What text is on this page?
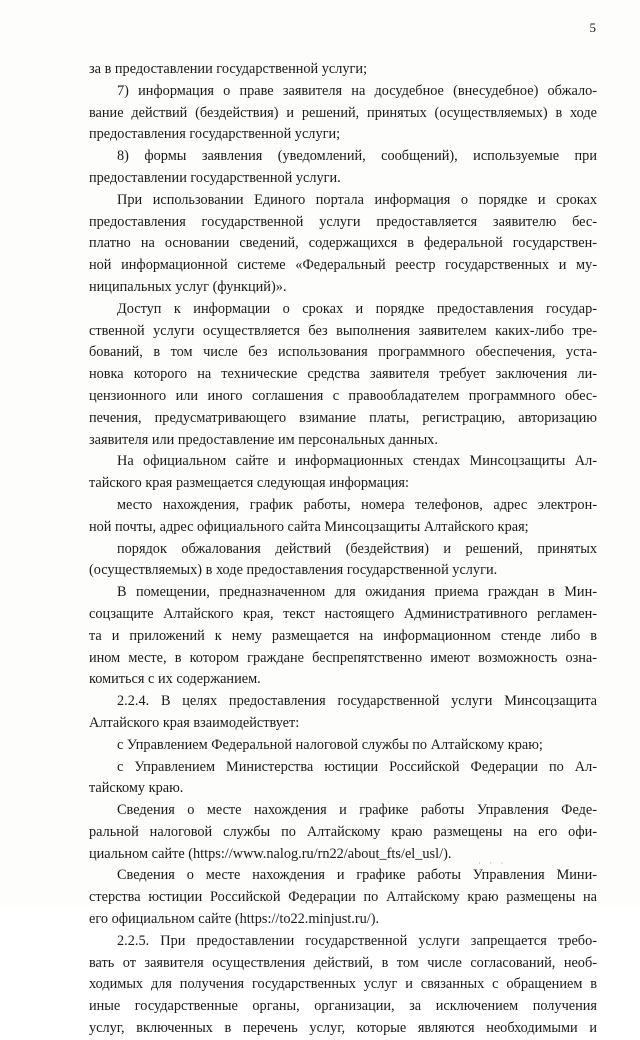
5
за в предоставлении государственной услуги;
7) информация о праве заявителя на досудебное (внесудебное) обжало-
вание действий (бездействия) и решений, принятых (осуществляемых) в ходе
предоставления государственной услуги;
8) формы заявления (уведомлений, сообщений), используемые при
предоставлении государственной услуги.
При использовании Единого портала информация о порядке и сроках
предоставления государственной услуги предоставляется заявителю бес-
платно на основании сведений, содержащихся в федеральной государствен-
ной информационной системе «Федеральный реестр государственных и му-
ниципальных услуг (функций)».
Доступ к информации о сроках и порядке предоставления государ-
ственной услуги осуществляется без выполнения заявителем каких-либо тре-
бований, в том числе без использования программного обеспечения, уста-
новка которого на технические средства заявителя требует заключения ли-
цензионного или иного соглашения с правообладателем программного обес-
печения, предусматривающего взимание платы, регистрацию, авторизацию
заявителя или предоставление им персональных данных.
На официальном сайте и информационных стендах Минсоцзащиты Ал-
тайского края размещается следующая информация:
место нахождения, график работы, номера телефонов, адрес электрон-
ной почты, адрес официального сайта Минсоцзащиты Алтайского края;
порядок обжалования действий (бездействия) и решений, принятых
(осуществляемых) в ходе предоставления государственной услуги.
В помещении, предназначенном для ожидания приема граждан в Мин-
соцзащите Алтайского края, текст настоящего Административного регламен-
та и приложений к нему размещается на информационном стенде либо в
ином месте, в котором граждане беспрепятственно имеют возможность озна-
комиться с их содержанием.
2.2.4. В целях предоставления государственной услуги Минсоцзащита
Алтайского края взаимодействует:
с Управлением Федеральной налоговой службы по Алтайскому краю;
с Управлением Министерства юстиции Российской Федерации по Ал-
тайскому краю.
Сведения о месте нахождения и графике работы Управления Феде-
ральной налоговой службы по Алтайскому краю размещены на его офи-
циальном сайте (https://www.nalog.ru/rn22/about_fts/el_usl/).
Сведения о месте нахождения и графике работы Управления Мини-
стерства юстиции Российской Федерации по Алтайскому краю размещены на
его официальном сайте (https://to22.minjust.ru/).
2.2.5. При предоставлении государственной услуги запрещается требо-
вать от заявителя осуществления действий, в том числе согласований, необ-
ходимых для получения государственных услуг и связанных с обращением в
иные государственные органы, организации, за исключением получения
услуг, включенных в перечень услуг, которые являются необходимыми и
· · ·
